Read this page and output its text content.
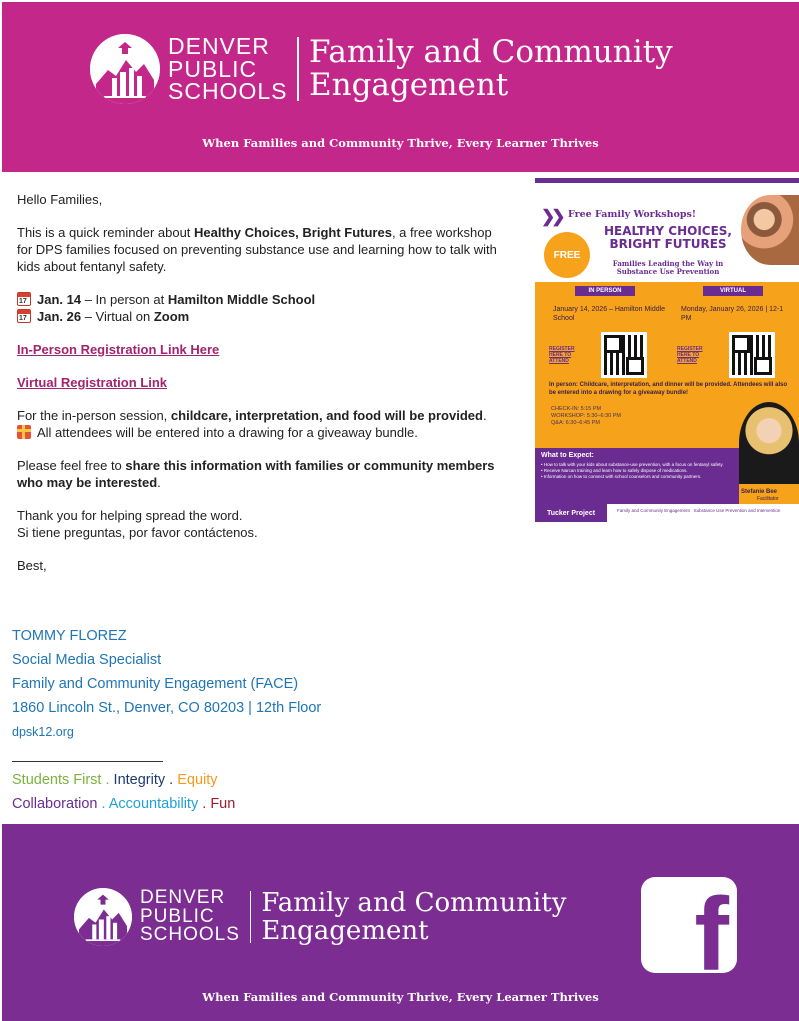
DENVER
PUBLIC
SCHOOLS
Family and Community
Engagement
When Families and Community Thrive, Every Learner Thrives

Hello Families,

This is a quick reminder about Healthy Choices, Bright Futures, a free workshop for DPS families focused on preventing substance use and learning how to talk with kids about fentanyl safety.

17Jan. 14 – In person at Hamilton Middle School
17Jan. 26 – Virtual on Zoom

In-Person Registration Link Here

Virtual Registration Link

For the in-person session, childcare, interpretation, and food will be provided.
All attendees will be entered into a drawing for a giveaway bundle.

Please feel free to share this information with families or community members who may be interested.

Thank you for helping spread the word.
Si tiene preguntas, por favor contáctenos.

Best,

❯❯ Free Family Workshops!
FREE
HEALTHY CHOICES,
BRIGHT FUTURES
Families Leading the Way in Substance Use Prevention
IN PERSON
January 14, 2026 – Hamilton Middle School
REGISTER HERE TO ATTEND
VIRTUAL
Monday, January 26, 2026 | 12-1 PM
REGISTER HERE TO ATTEND
In person: Childcare, interpretation, and dinner will be provided. Attendees will also be entered into a drawing for a giveaway bundle!
CHECK-IN: 5:15 PM
WORKSHOP: 5:30–6:30 PM
Q&A: 6:30–6:45 PM
What to Expect:
• How to talk with your kids about substance-use prevention, with a focus on fentanyl safety.
• Receive Narcan training and learn how to safely dispose of medications.
• Information on how to connect with school counselors and community partners.
Stefanie Bee
Facilitator
Tucker Project	Family and Community Engagement Substance Use Prevention and Intervention
TOMMY FLOREZ
Social Media Specialist
Family and Community Engagement (FACE)
1860 Lincoln St., Denver, CO 80203 | 12th Floor
dpsk12.org
Students First . Integrity . Equity
Collaboration . Accountability . Fun
DENVER
PUBLIC
SCHOOLS
Family and Community
Engagement	f
When Families and Community Thrive, Every Learner Thrives
